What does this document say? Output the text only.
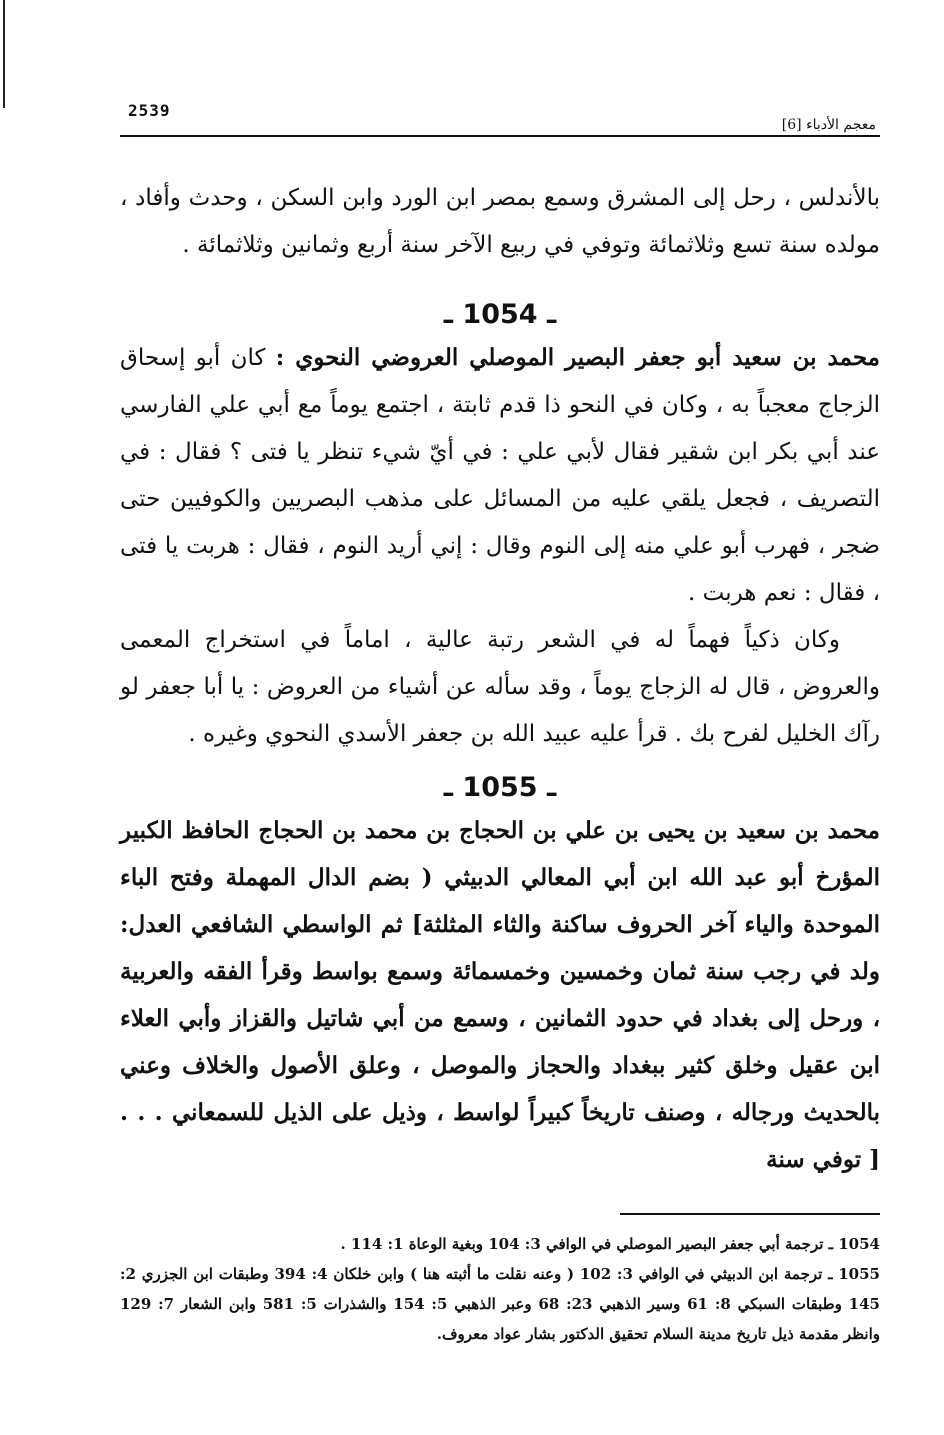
2539
معجم الأدباء [6]

بالأندلس ، رحل إلى المشرق وسمع بمصر ابن الورد وابن السكن ، وحدث وأفاد ، مولده سنة تسع وثلاثمائة وتوفي في ربيع الآخر سنة أربع وثمانين وثلاثمائة .

ـ 1054 ـ

محمد بن سعيد أبو جعفر البصير الموصلي العروضي النحوي : كان أبو إسحاق الزجاج معجباً به ، وكان في النحو ذا قدم ثابتة ، اجتمع يوماً مع أبي علي الفارسي عند أبي بكر ابن شقير فقال لأبي علي : في أيّ شيء تنظر يا فتى ؟ فقال : في التصريف ، فجعل يلقي عليه من المسائل على مذهب البصريين والكوفيين حتى ضجر ، فهرب أبو علي منه إلى النوم وقال : إني أريد النوم ، فقال : هربت يا فتى ، فقال : نعم هربت .

وكان ذكياً فهماً له في الشعر رتبة عالية ، اماماً في استخراج المعمى والعروض ، قال له الزجاج يوماً ، وقد سأله عن أشياء من العروض : يا أبا جعفر لو رآك الخليل لفرح بك . قرأ عليه عبيد الله بن جعفر الأسدي النحوي وغيره .

ـ 1055 ـ

محمد بن سعيد بن يحيى بن علي بن الحجاج بن محمد بن الحجاج الحافظ الكبير المؤرخ أبو عبد الله ابن أبي المعالي الدبيثي ( بضم الدال المهملة وفتح الباء الموحدة والياء آخر الحروف ساكنة والثاء المثلثة] ثم الواسطي الشافعي العدل: ولد في رجب سنة ثمان وخمسين وخمسمائة وسمع بواسط وقرأ الفقه والعربية ، ورحل إلى بغداد في حدود الثمانين ، وسمع من أبي شاتيل والقزاز وأبي العلاء ابن عقيل وخلق كثير ببغداد والحجاز والموصل ، وعلق الأصول والخلاف وعني بالحديث ورجاله ، وصنف تاريخاً كبيراً لواسط ، وذيل على الذيل للسمعاني . . . [ توفي سنة

1054 ـ ترجمة أبي جعفر البصير الموصلي في الوافي 3: 104 وبغية الوعاة 1: 114 .

1055 ـ ترجمة ابن الدبيثي في الوافي 3: 102 ( وعنه نقلت ما أثبته هنا ) وابن خلكان 4: 394 وطبقات ابن الجزري 2: 145 وطبقات السبكي 8: 61 وسير الذهبي 23: 68 وعبر الذهبي 5: 154 والشذرات 5: 581 وابن الشعار 7: 129 وانظر مقدمة ذيل تاريخ مدينة السلام تحقيق الدكتور بشار عواد معروف.
